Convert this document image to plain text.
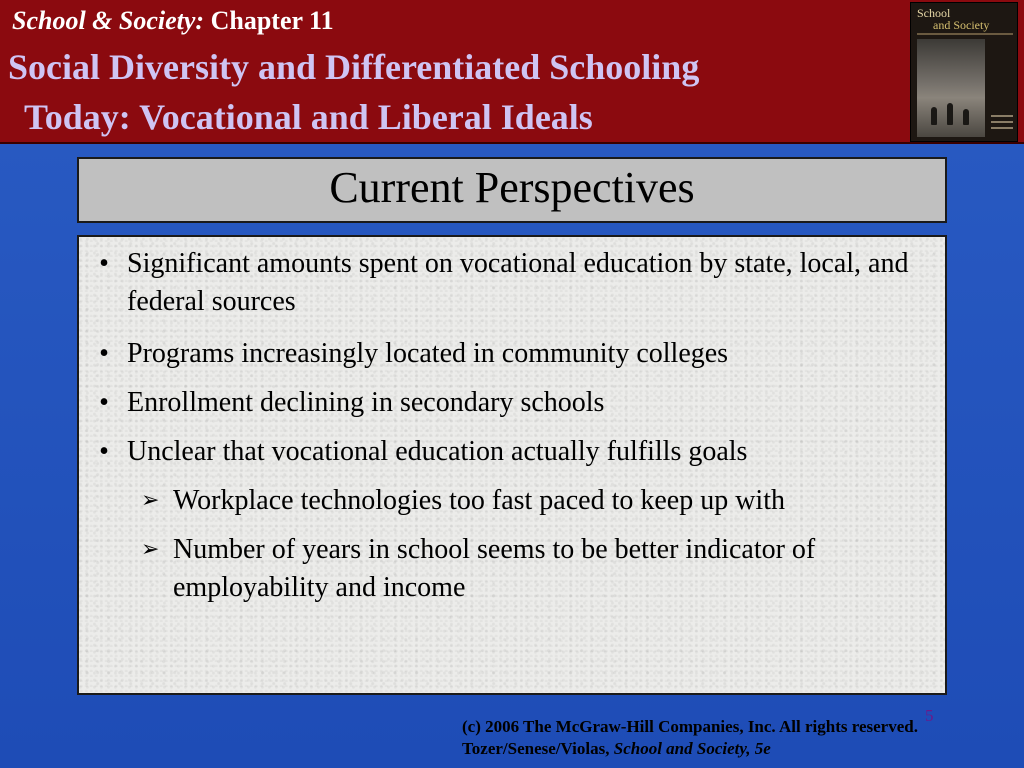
School & Society: Chapter 11
Social Diversity and Differentiated Schooling
Today: Vocational and Liberal Ideals
School
and Society
Current Perspectives
• Significant amounts spent on vocational education by state, local, and federal sources
• Programs increasingly located in community colleges
• Enrollment declining in secondary schools
• Unclear that vocational education actually fulfills goals
➢ Workplace technologies too fast paced to keep up with
➢ Number of years in school seems to be better indicator of employability and income
5
(c) 2006 The McGraw-Hill Companies, Inc. All rights reserved.
Tozer/Senese/Violas, School and Society, 5e
